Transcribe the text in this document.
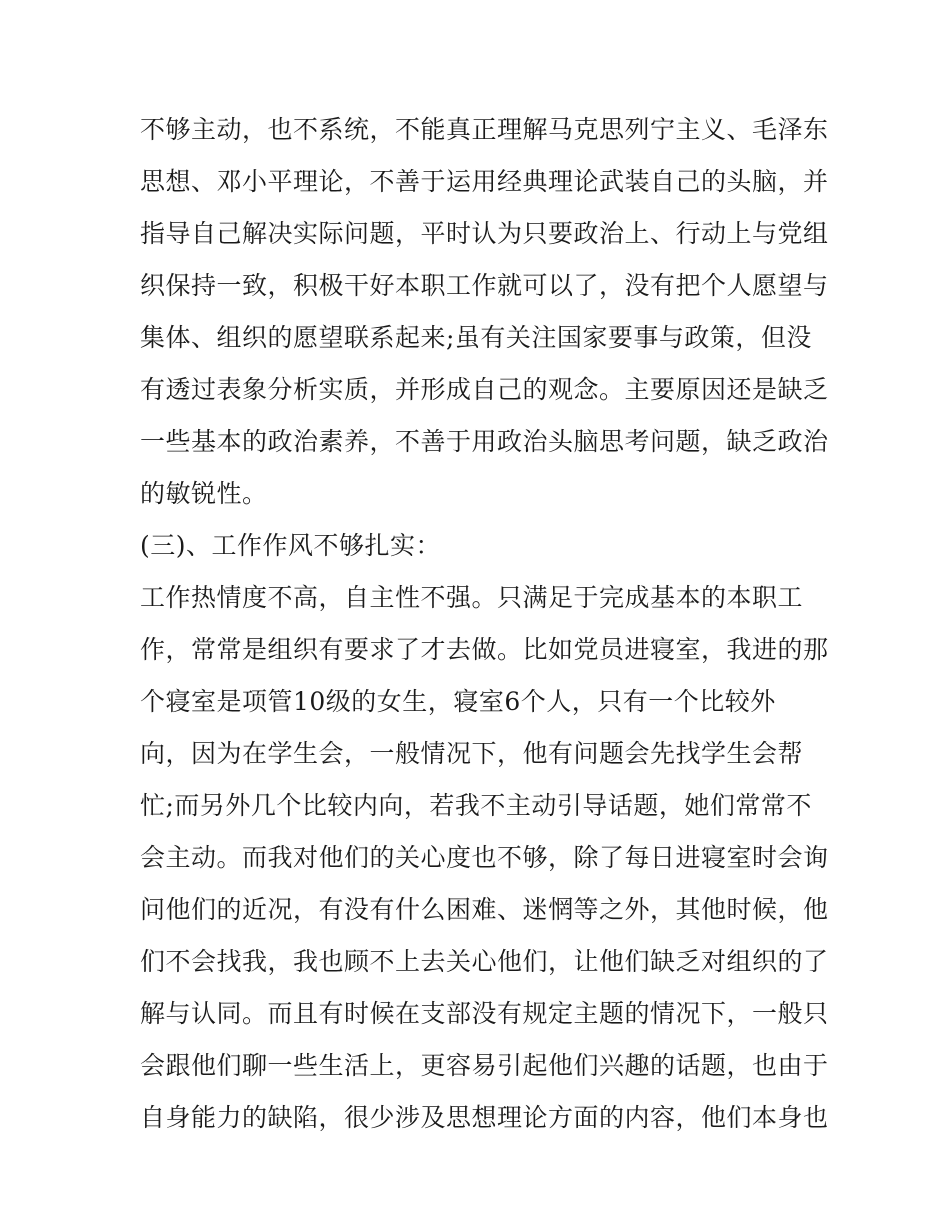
不够主动，也不系统，不能真正理解马克思列宁主义、毛泽东
思想、邓小平理论，不善于运用经典理论武装自己的头脑，并
指导自己解决实际问题，平时认为只要政治上、行动上与党组
织保持一致，积极干好本职工作就可以了，没有把个人愿望与
集体、组织的愿望联系起来;虽有关注国家要事与政策，但没
有透过表象分析实质，并形成自己的观念。主要原因还是缺乏
一些基本的政治素养，不善于用政治头脑思考问题，缺乏政治
的敏锐性。
(三)、工作作风不够扎实：
工作热情度不高，自主性不强。只满足于完成基本的本职工
作，常常是组织有要求了才去做。比如党员进寝室，我进的那
个寝室是项管10级的女生，寝室6个人，只有一个比较外
向，因为在学生会，一般情况下，他有问题会先找学生会帮
忙;而另外几个比较内向，若我不主动引导话题，她们常常不
会主动。而我对他们的关心度也不够，除了每日进寝室时会询
问他们的近况，有没有什么困难、迷惘等之外，其他时候，他
们不会找我，我也顾不上去关心他们，让他们缺乏对组织的了
解与认同。而且有时候在支部没有规定主题的情况下，一般只
会跟他们聊一些生活上，更容易引起他们兴趣的话题，也由于
自身能力的缺陷，很少涉及思想理论方面的内容，他们本身也
